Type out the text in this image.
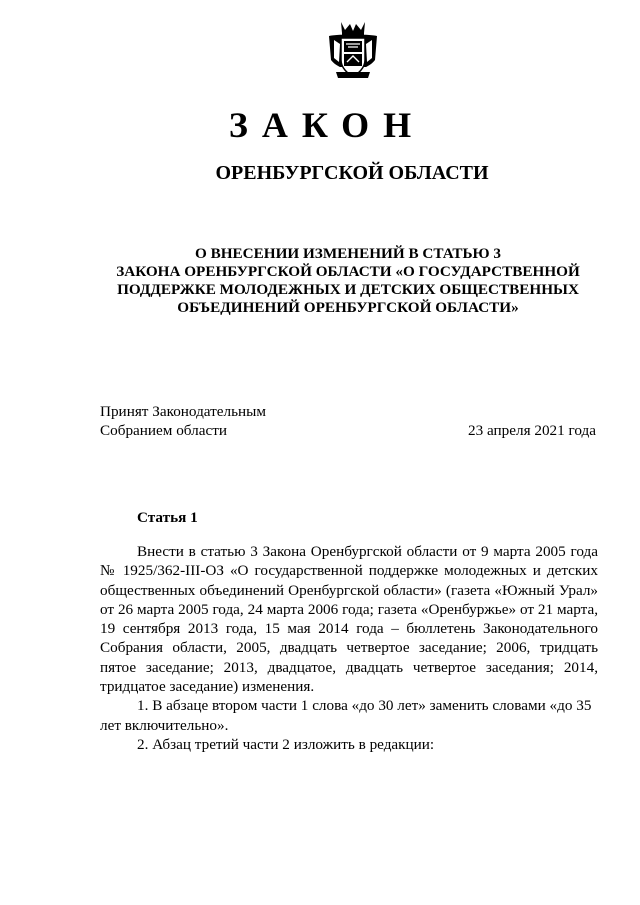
ЗАКОН
ОРЕНБУРГСКОЙ ОБЛАСТИ
О ВНЕСЕНИИ ИЗМЕНЕНИЙ В СТАТЬЮ 3
ЗАКОНА ОРЕНБУРГСКОЙ ОБЛАСТИ «О ГОСУДАРСТВЕННОЙ
ПОДДЕРЖКЕ МОЛОДЕЖНЫХ И ДЕТСКИХ ОБЩЕСТВЕННЫХ
ОБЪЕДИНЕНИЙ ОРЕНБУРГСКОЙ ОБЛАСТИ»
Принят Законодательным
Собранием области	23 апреля 2021 года
Статья 1

Внести в статью 3 Закона Оренбургской области от 9 марта 2005 года № 1925/362-III-ОЗ «О государственной поддержке молодежных и детских общественных объединений Оренбургской области» (газета «Южный Урал» от 26 марта 2005 года, 24 марта 2006 года; газета «Оренбуржье» от 21 марта, 19 сентября 2013 года, 15 мая 2014 года – бюллетень Законодательного Собрания области, 2005, двадцать четвертое заседание; 2006, тридцать пятое заседание; 2013, двадцатое, двадцать четвертое заседания; 2014, тридцатое заседание) изменения.

1. В абзаце втором части 1 слова «до 30 лет» заменить словами «до 35 лет включительно».

2. Абзац третий части 2 изложить в редакции:
